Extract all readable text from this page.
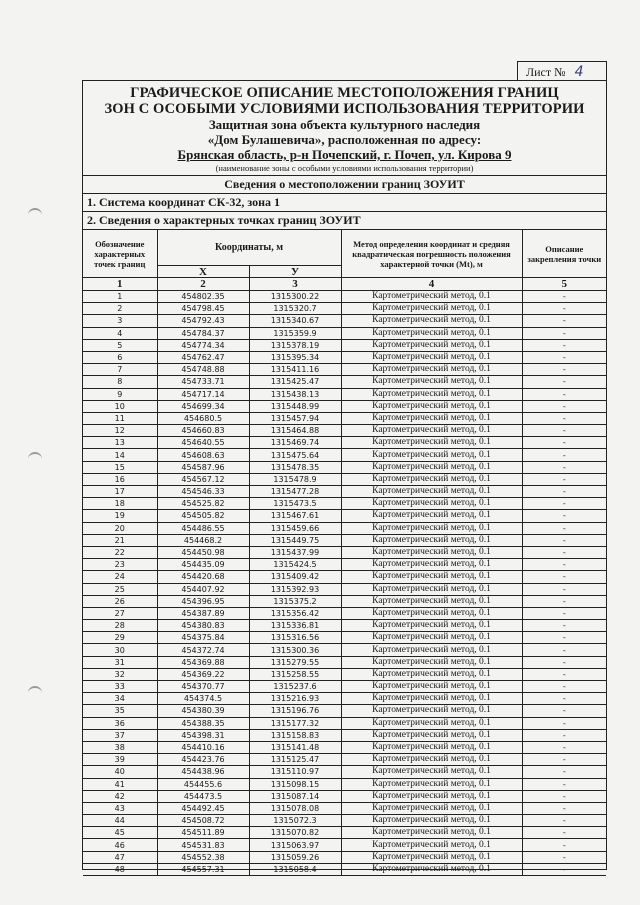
Лист № 4
ГРАФИЧЕСКОЕ ОПИСАНИЕ МЕСТОПОЛОЖЕНИЯ ГРАНИЦ
ЗОН С ОСОБЫМИ УСЛОВИЯМИ ИСПОЛЬЗОВАНИЯ ТЕРРИТОРИИ
Защитная зона объекта культурного наследия
«Дом Булашевича», расположенная по адресу:
Брянская область, р-н Почепский, г. Почеп, ул. Кирова 9
(наименование зоны с особыми условиями использования территории)
Сведения о местоположении границ ЗОУИТ
1. Система координат СК-32, зона 1
2. Сведения о характерных точках границ ЗОУИТ
Обозначение характерных точек границ	Координаты, м		Метод определения координат и средняя квадратическая погрешность положения характерной точки (Mt), м	Описание закрепления точки
	X	У		
1	2	3	4	5
1	454802.35	1315300.22	Картометрический метод, 0.1	-
2	454798.45	1315320.7	Картометрический метод, 0.1	-
3	454792.43	1315340.67	Картометрический метод, 0.1	-
4	454784.37	1315359.9	Картометрический метод, 0.1	-
5	454774.34	1315378.19	Картометрический метод, 0.1	-
6	454762.47	1315395.34	Картометрический метод, 0.1	-
7	454748.88	1315411.16	Картометрический метод, 0.1	-
8	454733.71	1315425.47	Картометрический метод, 0.1	-
9	454717.14	1315438.13	Картометрический метод, 0.1	-
10	454699.34	1315448.99	Картометрический метод, 0.1	-
11	454680.5	1315457.94	Картометрический метод, 0.1	-
12	454660.83	1315464.88	Картометрический метод, 0.1	-
13	454640.55	1315469.74	Картометрический метод, 0.1	-
14	454608.63	1315475.64	Картометрический метод, 0.1	-
15	454587.96	1315478.35	Картометрический метод, 0.1	-
16	454567.12	1315478.9	Картометрический метод, 0.1	-
17	454546.33	1315477.28	Картометрический метод, 0.1	-
18	454525.82	1315473.5	Картометрический метод, 0.1	-
19	454505.82	1315467.61	Картометрический метод, 0.1	-
20	454486.55	1315459.66	Картометрический метод, 0.1	-
21	454468.2	1315449.75	Картометрический метод, 0.1	-
22	454450.98	1315437.99	Картометрический метод, 0.1	-
23	454435.09	1315424.5	Картометрический метод, 0.1	-
24	454420.68	1315409.42	Картометрический метод, 0.1	-
25	454407.92	1315392.93	Картометрический метод, 0.1	-
26	454396.95	1315375.2	Картометрический метод, 0.1	-
27	454387.89	1315356.42	Картометрический метод, 0.1	-
28	454380.83	1315336.81	Картометрический метод, 0.1	-
29	454375.84	1315316.56	Картометрический метод, 0.1	-
30	454372.74	1315300.36	Картометрический метод, 0.1	-
31	454369.88	1315279.55	Картометрический метод, 0.1	-
32	454369.22	1315258.55	Картометрический метод, 0.1	-
33	454370.77	1315237.6	Картометрический метод, 0.1	-
34	454374.5	1315216.93	Картометрический метод, 0.1	-
35	454380.39	1315196.76	Картометрический метод, 0.1	-
36	454388.35	1315177.32	Картометрический метод, 0.1	-
37	454398.31	1315158.83	Картометрический метод, 0.1	-
38	454410.16	1315141.48	Картометрический метод, 0.1	-
39	454423.76	1315125.47	Картометрический метод, 0.1	-
40	454438.96	1315110.97	Картометрический метод, 0.1	-
41	454455.6	1315098.15	Картометрический метод, 0.1	-
42	454473.5	1315087.14	Картометрический метод, 0.1	-
43	454492.45	1315078.08	Картометрический метод, 0.1	-
44	454508.72	1315072.3	Картометрический метод, 0.1	-
45	454511.89	1315070.82	Картометрический метод, 0.1	-
46	454531.83	1315063.97	Картометрический метод, 0.1	-
47	454552.38	1315059.26	Картометрический метод, 0.1	-
48	454557.31	1315058.4	Картометрический метод, 0.1	-
